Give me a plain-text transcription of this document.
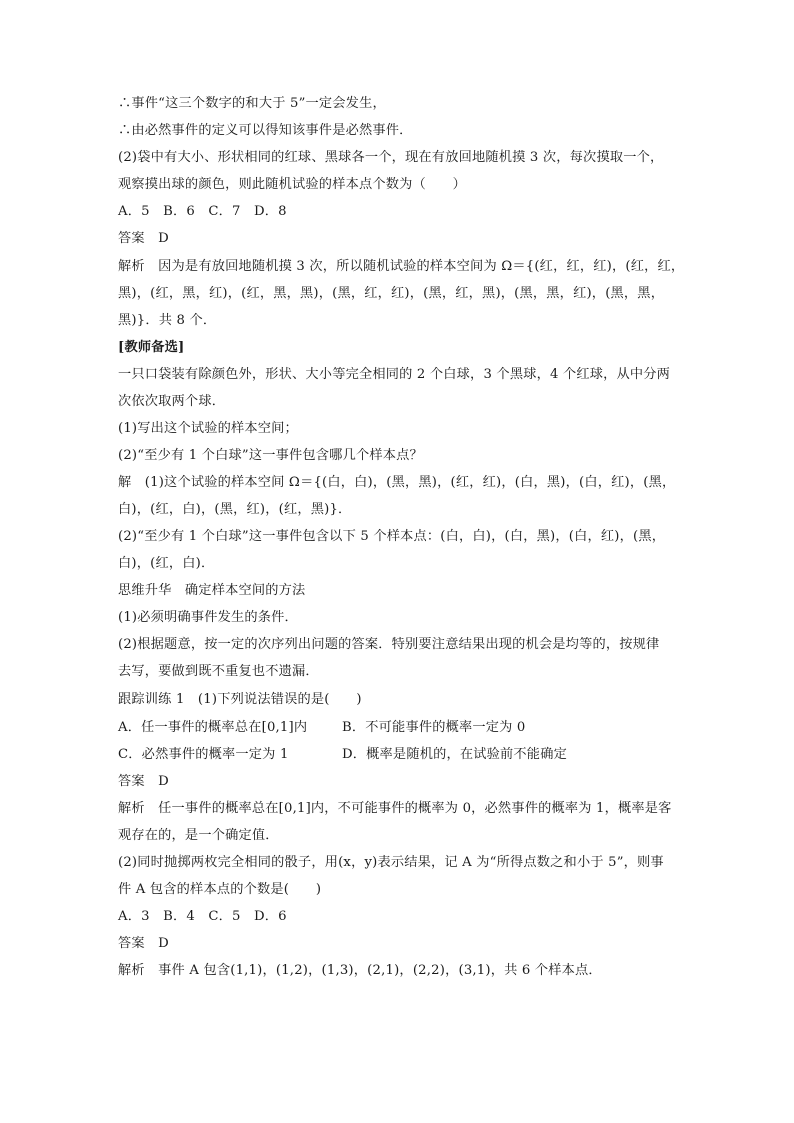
∴事件“这三个数字的和大于 5”一定会发生，
∴由必然事件的定义可以得知该事件是必然事件．
(2)袋中有大小、形状相同的红球、黑球各一个，现在有放回地随机摸 3 次，每次摸取一个，
观察摸出球的颜色，则此随机试验的样本点个数为（　　）
A．5　B．6　C．7　D．8
答案　D
解析　因为是有放回地随机摸 3 次，所以随机试验的样本空间为 Ω＝{(红，红，红)，(红，红，
黑)，(红，黑，红)，(红，黑，黑)，(黑，红，红)，(黑，红，黑)，(黑，黑，红)，(黑，黑，
黑)}．共 8 个．
[教师备选]
一只口袋装有除颜色外，形状、大小等完全相同的 2 个白球，3 个黑球，4 个红球，从中分两
次依次取两个球．
(1)写出这个试验的样本空间；
(2)“至少有 1 个白球”这一事件包含哪几个样本点？
解　(1)这个试验的样本空间 Ω＝{(白，白)，(黑，黑)，(红，红)，(白，黑)，(白，红)，(黑，
白)，(红，白)，(黑，红)，(红，黑)}．
(2)“至少有 1 个白球”这一事件包含以下 5 个样本点：(白，白)，(白，黑)，(白，红)，(黑，
白)，(红，白)．
思维升华　确定样本空间的方法
(1)必须明确事件发生的条件．
(2)根据题意，按一定的次序列出问题的答案．特别要注意结果出现的机会是均等的，按规律
去写，要做到既不重复也不遗漏．
跟踪训练 1　(1)下列说法错误的是(　　)
A．任一事件的概率总在[0,1]内	B．不可能事件的概率一定为 0
C．必然事件的概率一定为 1	D．概率是随机的，在试验前不能确定
答案　D
解析　任一事件的概率总在[0,1]内，不可能事件的概率为 0，必然事件的概率为 1，概率是客
观存在的，是一个确定值．
(2)同时抛掷两枚完全相同的骰子，用(x，y)表示结果，记 A 为“所得点数之和小于 5”，则事
件 A 包含的样本点的个数是(　　)
A．3　B．4　C．5　D．6
答案　D
解析　事件 A 包含(1,1)，(1,2)，(1,3)，(2,1)，(2,2)，(3,1)，共 6 个样本点．
